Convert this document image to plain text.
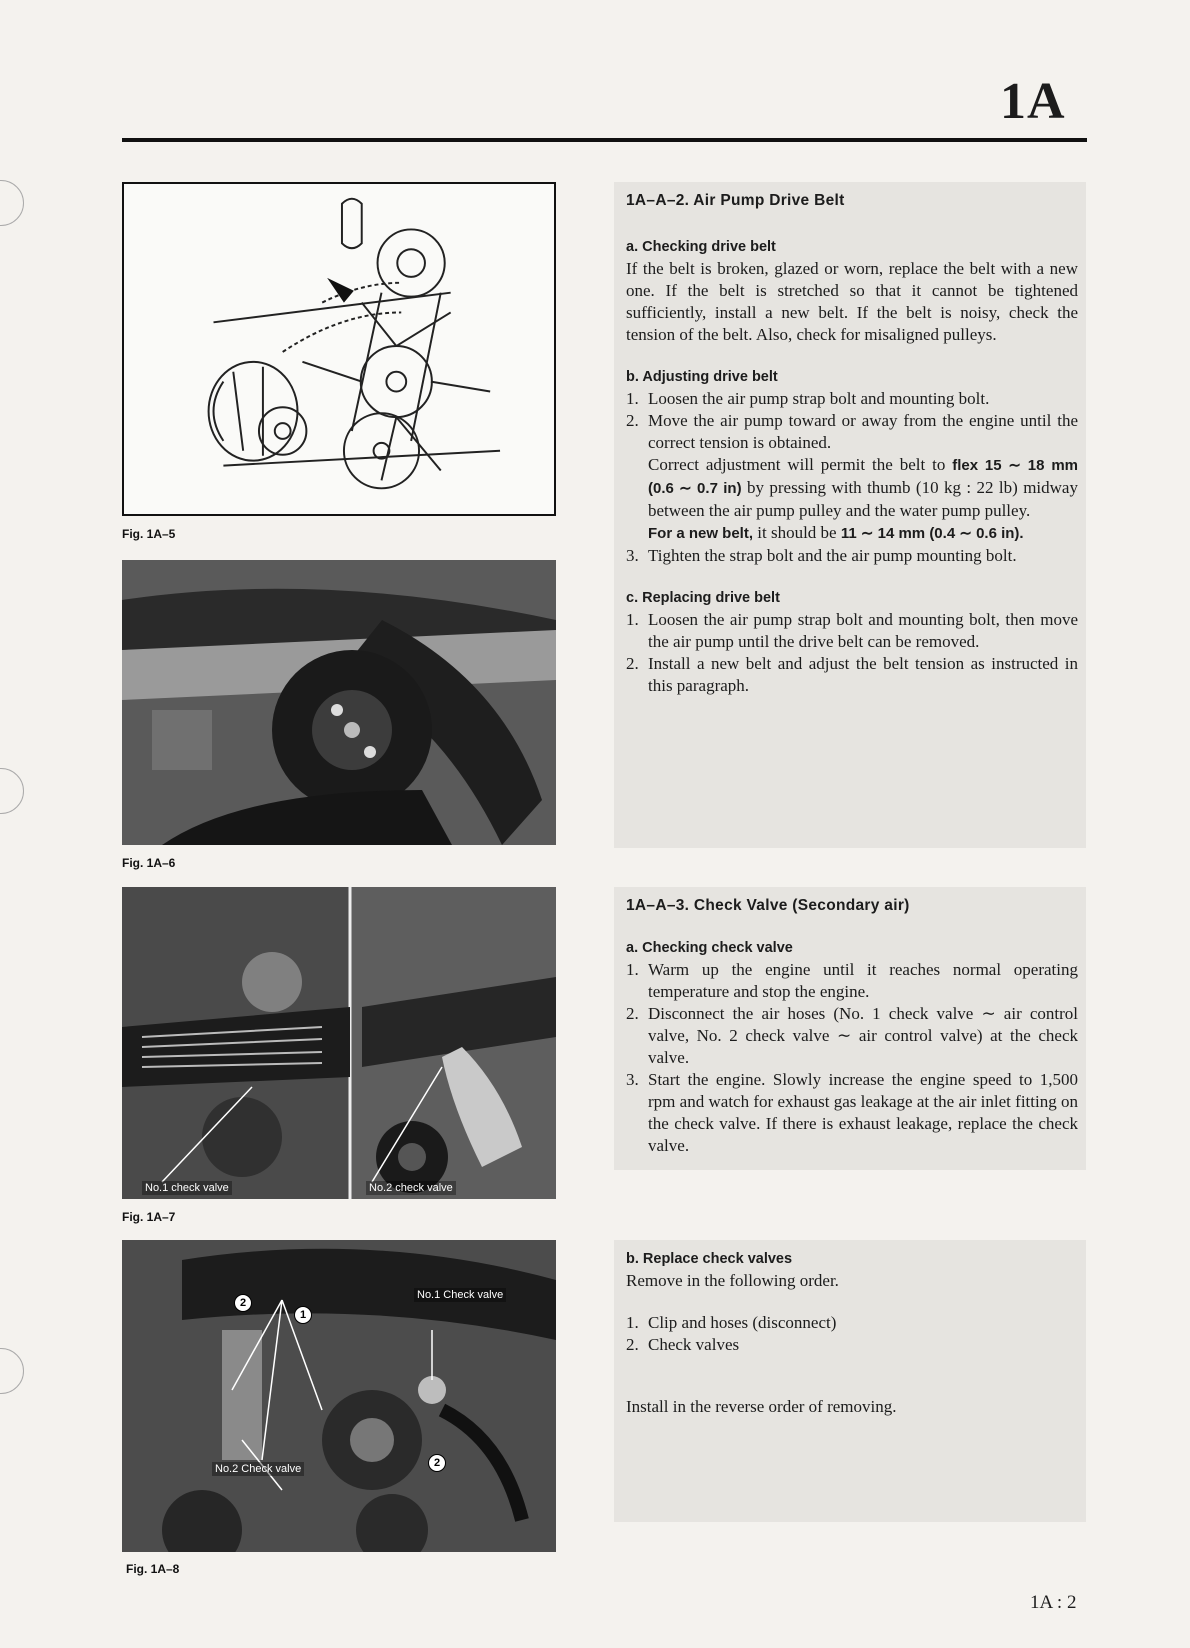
1A
Fig. 1A–5
Fig. 1A–6
No.1 check valve	No.2 check valve
Fig. 1A–7
No.1 Check valve
No.2 Check valve
2
1
2
Fig. 1A–8
1A–A–2. Air Pump Drive Belt
a. Checking drive belt

If the belt is broken, glazed or worn, replace the belt with a new one. If the belt is stretched so that it cannot be tightened sufficiently, install a new belt. If the belt is noisy, check the tension of the belt. Also, check for misaligned pulleys.

b. Adjusting drive belt
1. Loosen the air pump strap bolt and mounting bolt.
2. Move the air pump toward or away from the engine until the correct tension is obtained.
Correct adjustment will permit the belt to flex 15 ∼ 18 mm (0.6 ∼ 0.7 in) by pressing with thumb (10 kg : 22 lb) midway between the air pump pulley and the water pump pulley.
For a new belt, it should be 11 ∼ 14 mm (0.4 ∼ 0.6 in).
3. Tighten the strap bolt and the air pump mounting bolt.
c. Replacing drive belt
1. Loosen the air pump strap bolt and mounting bolt, then move the air pump until the drive belt can be removed.
2. Install a new belt and adjust the belt tension as instructed in this paragraph.
1A–A–3. Check Valve (Secondary air)
a. Checking check valve
1. Warm up the engine until it reaches normal operating temperature and stop the engine.
2. Disconnect the air hoses (No. 1 check valve ∼ air control valve, No. 2 check valve ∼ air control valve) at the check valve.
3. Start the engine. Slowly increase the engine speed to 1,500 rpm and watch for exhaust gas leakage at the air inlet fitting on the check valve. If there is exhaust leakage, replace the check valve.
b. Replace check valves

Remove in the following order.

1. Clip and hoses (disconnect)
2. Check valves

Install in the reverse order of removing.

1A : 2
